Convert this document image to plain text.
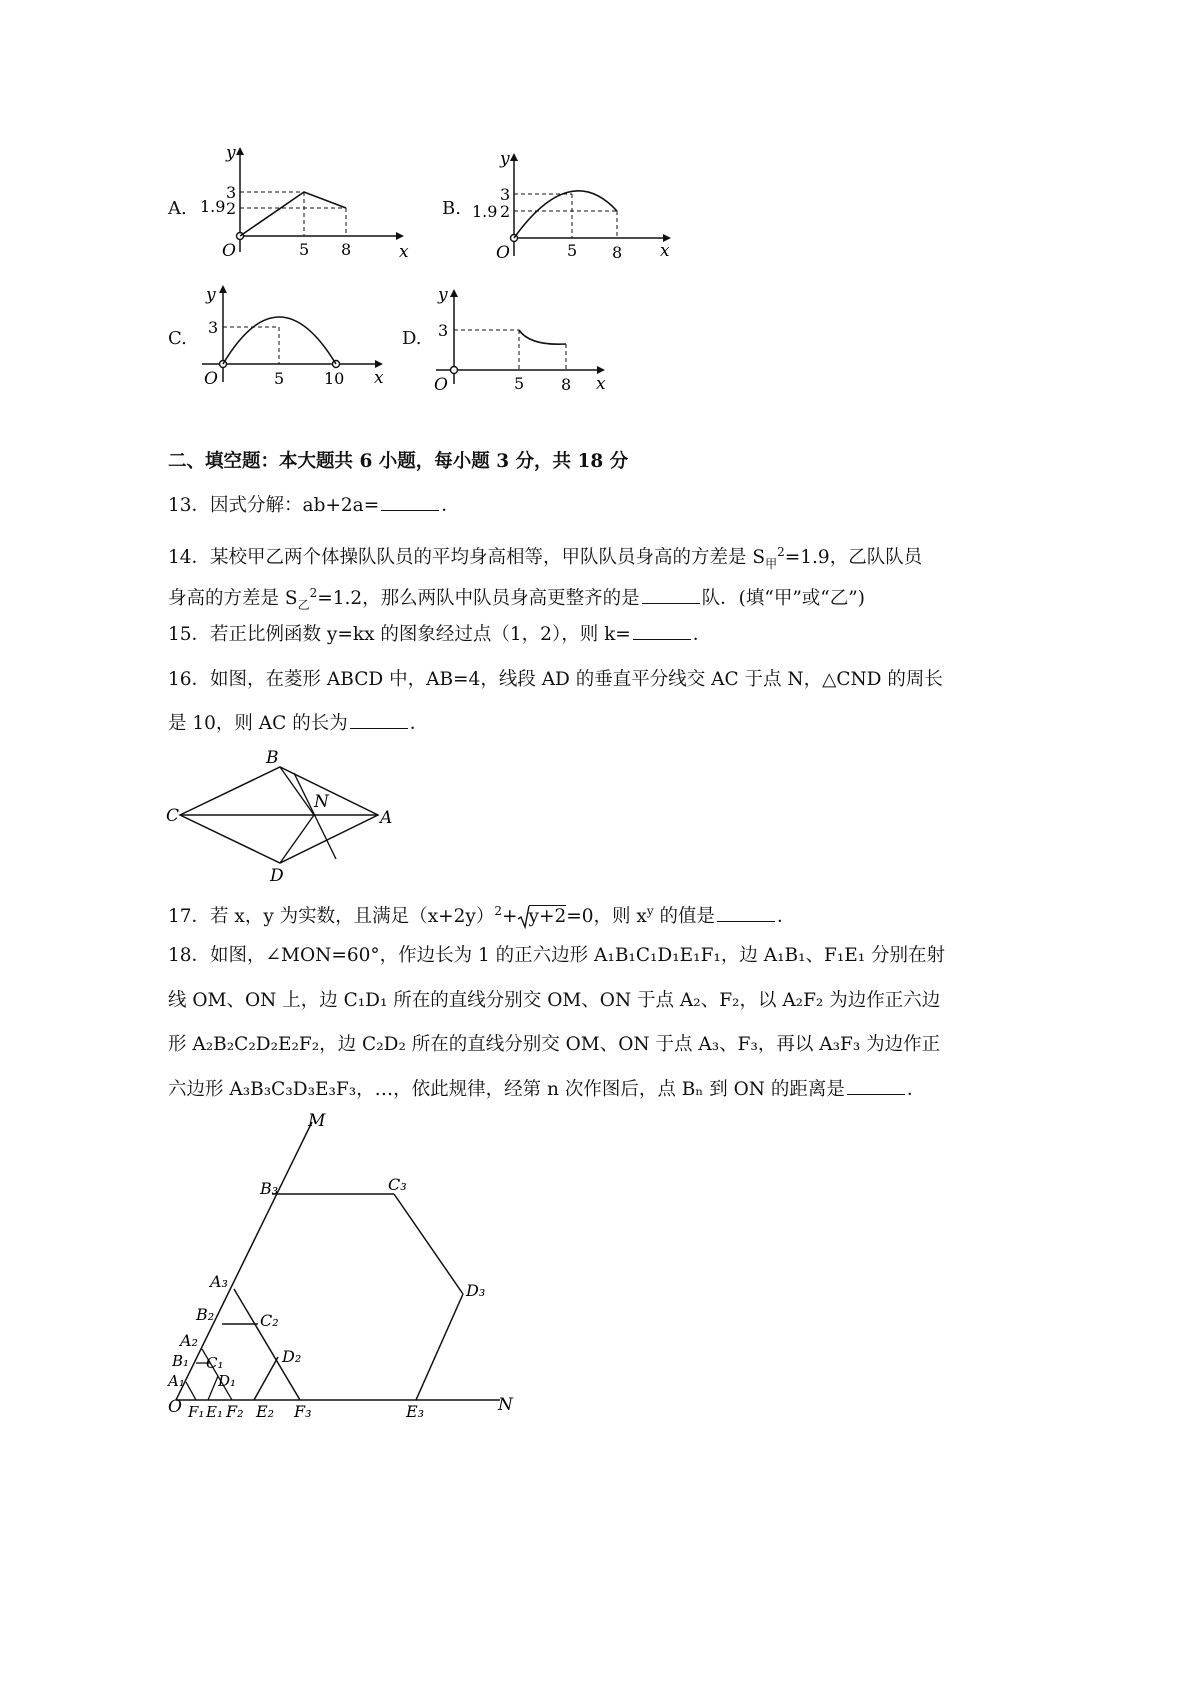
A.
y
x
O
1.9
3
2
5 8
B.
y
x
O
1.9
3
2
5 8
C.
y
x
O
3
5 10
D.
y
x
O
3
5 8
二、填空题：本大题共 6 小题，每小题 3 分，共 18 分
13．因式分解：ab+2a=	．
14．某校甲乙两个体操队队员的平均身高相等，甲队队员身高的方差是 $S_甲^2=1.9$，乙队队员
身高的方差是 $S_乙^2=1.2$，那么两队中队员身高更整齐的是	队．(填“甲”或“乙”)
15．若正比例函数 y=kx 的图象经过点（1，2），则 k=	．
16．如图，在菱形 ABCD 中，AB=4，线段 AD 的垂直平分线交 AC 于点 N，△CND 的周长
是 10，则 AC 的长为	．
B
C	A
D
N
17．若 x，y 为实数，且满足$(x+2y)^2+ y+2=0$，则 $x^y$ 的值是	．
18．如图，∠MON=60°，作边长为 1 的正六边形 A₁B₁C₁D₁E₁F₁，边 A₁B₁、F₁E₁ 分别在射
线 OM、ON 上，边 C₁D₁ 所在的直线分别交 OM、ON 于点 A₂、F₂，以 A₂F₂ 为边作正六边
形 A₂B₂C₂D₂E₂F₂，边 C₂D₂ 所在的直线分别交 OM、ON 于点 A₃、F₃，再以 A₃F₃ 为边作正
六边形 A₃B₃C₃D₃E₃F₃，…，依此规律，经第 n 次作图后，点 Bₙ 到 ON 的距离是	．
M
N
O
B₃	C₃
D₃
E₃
F₃
A₃
B₂	C₂
D₂
E₂
F₂
A₂
B₁ C₁
D₁
A₁
F₁ E₁
